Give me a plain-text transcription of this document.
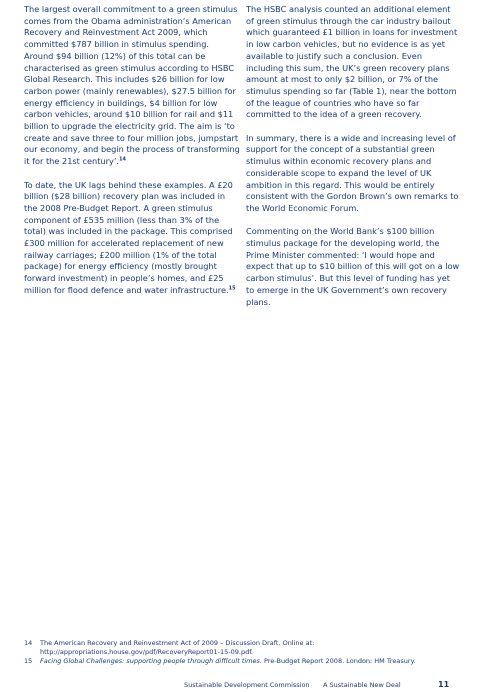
The largest overall commitment to a green stimulus comes from the Obama administration’s American Recovery and Reinvestment Act 2009, which committed $787 billion in stimulus spending. Around $94 billion (12%) of this total can be characterised as green stimulus according to HSBC Global Research. This includes $26 billion for low carbon power (mainly renewables), $27.5 billion for energy efficiency in buildings, $4 billion for low carbon vehicles, around $10 billion for rail and $11 billion to upgrade the electricity grid. The aim is ‘to create and save three to four million jobs, jumpstart our economy, and begin the process of transforming it for the 21st century’.$^{14}$

To date, the UK lags behind these examples. A £20 billion ($28 billion) recovery plan was included in the 2008 Pre-Budget Report. A green stimulus component of £535 million (less than 3% of the total) was included in the package. This comprised £300 million for accelerated replacement of new railway carriages; £200 million (1% of the total package) for energy efficiency (mostly brought forward investment) in people’s homes, and £25 million for flood defence and water infrastructure.$^{15}$

The HSBC analysis counted an additional element of green stimulus through the car industry bailout which guaranteed £1 billion in loans for investment in low carbon vehicles, but no evidence is as yet available to justify such a conclusion. Even including this sum, the UK’s green recovery plans amount at most to only $2 billion, or 7% of the stimulus spending so far (Table 1), near the bottom of the league of countries who have so far committed to the idea of a green recovery.

In summary, there is a wide and increasing level of support for the concept of a substantial green stimulus within economic recovery plans and considerable scope to expand the level of UK ambition in this regard. This would be entirely consistent with the Gordon Brown’s own remarks to the World Economic Forum.

Commenting on the World Bank’s $100 billion stimulus package for the developing world, the Prime Minister commented: ‘I would hope and expect that up to $10 billion of this will got on a low carbon stimulus’. But this level of funding has yet to emerge in the UK Government’s own recovery plans.

14	The American Recovery and Reinvestment Act of 2009 – Discussion Draft. Online at: http://appropriations.house.gov/pdf/RecoveryReport01-15-09.pdf.
15	Facing Global Challenges: supporting people through difficult times. Pre-Budget Report 2008. London: HM Treasury.
Sustainable Development Commission A Sustainable New Deal	11
